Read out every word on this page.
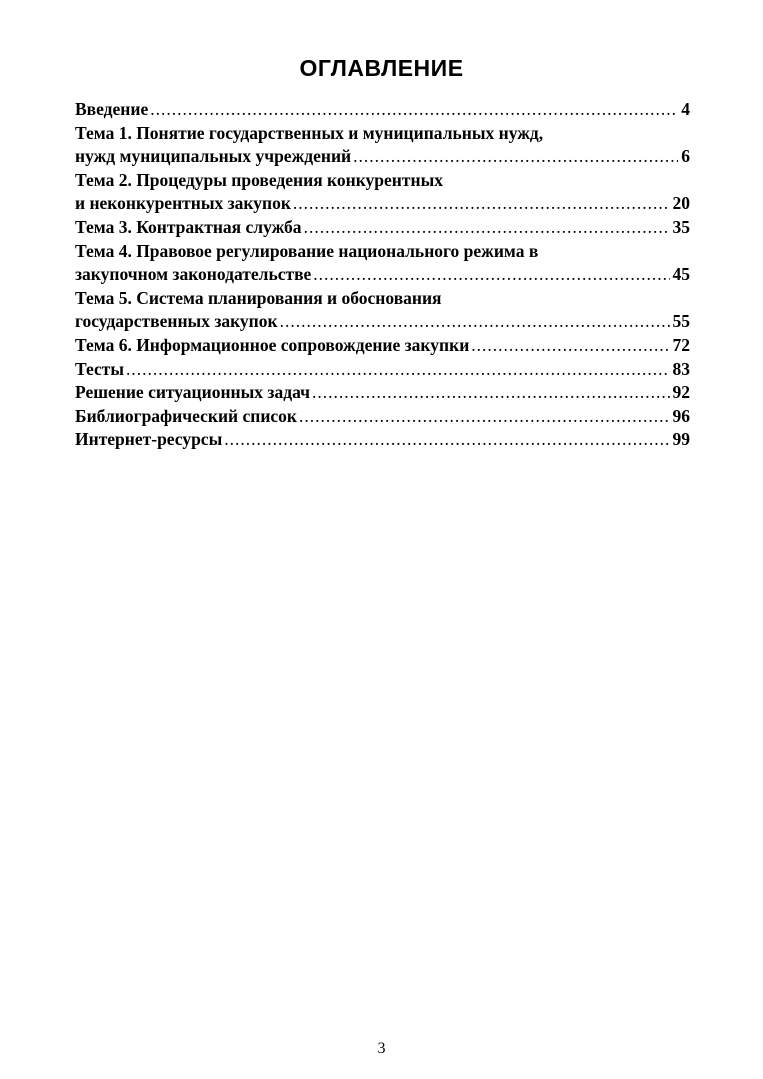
ОГЛАВЛЕНИЕ
Введение .....	4
Тема 1. Понятие государственных и муниципальных нужд,
нужд муниципальных учреждений .....	6
Тема 2. Процедуры проведения конкурентных
и неконкурентных закупок .....	20
Тема 3. Контрактная служба .....	35
Тема 4. Правовое регулирование национального режима в
закупочном законодательстве .....	45
Тема 5. Система планирования и обоснования
государственных закупок .....	55
Тема 6. Информационное сопровождение закупки .....	72
Тесты .....	83
Решение ситуационных задач .....	92
Библиографический список .....	96
Интернет-ресурсы .....	99
3
